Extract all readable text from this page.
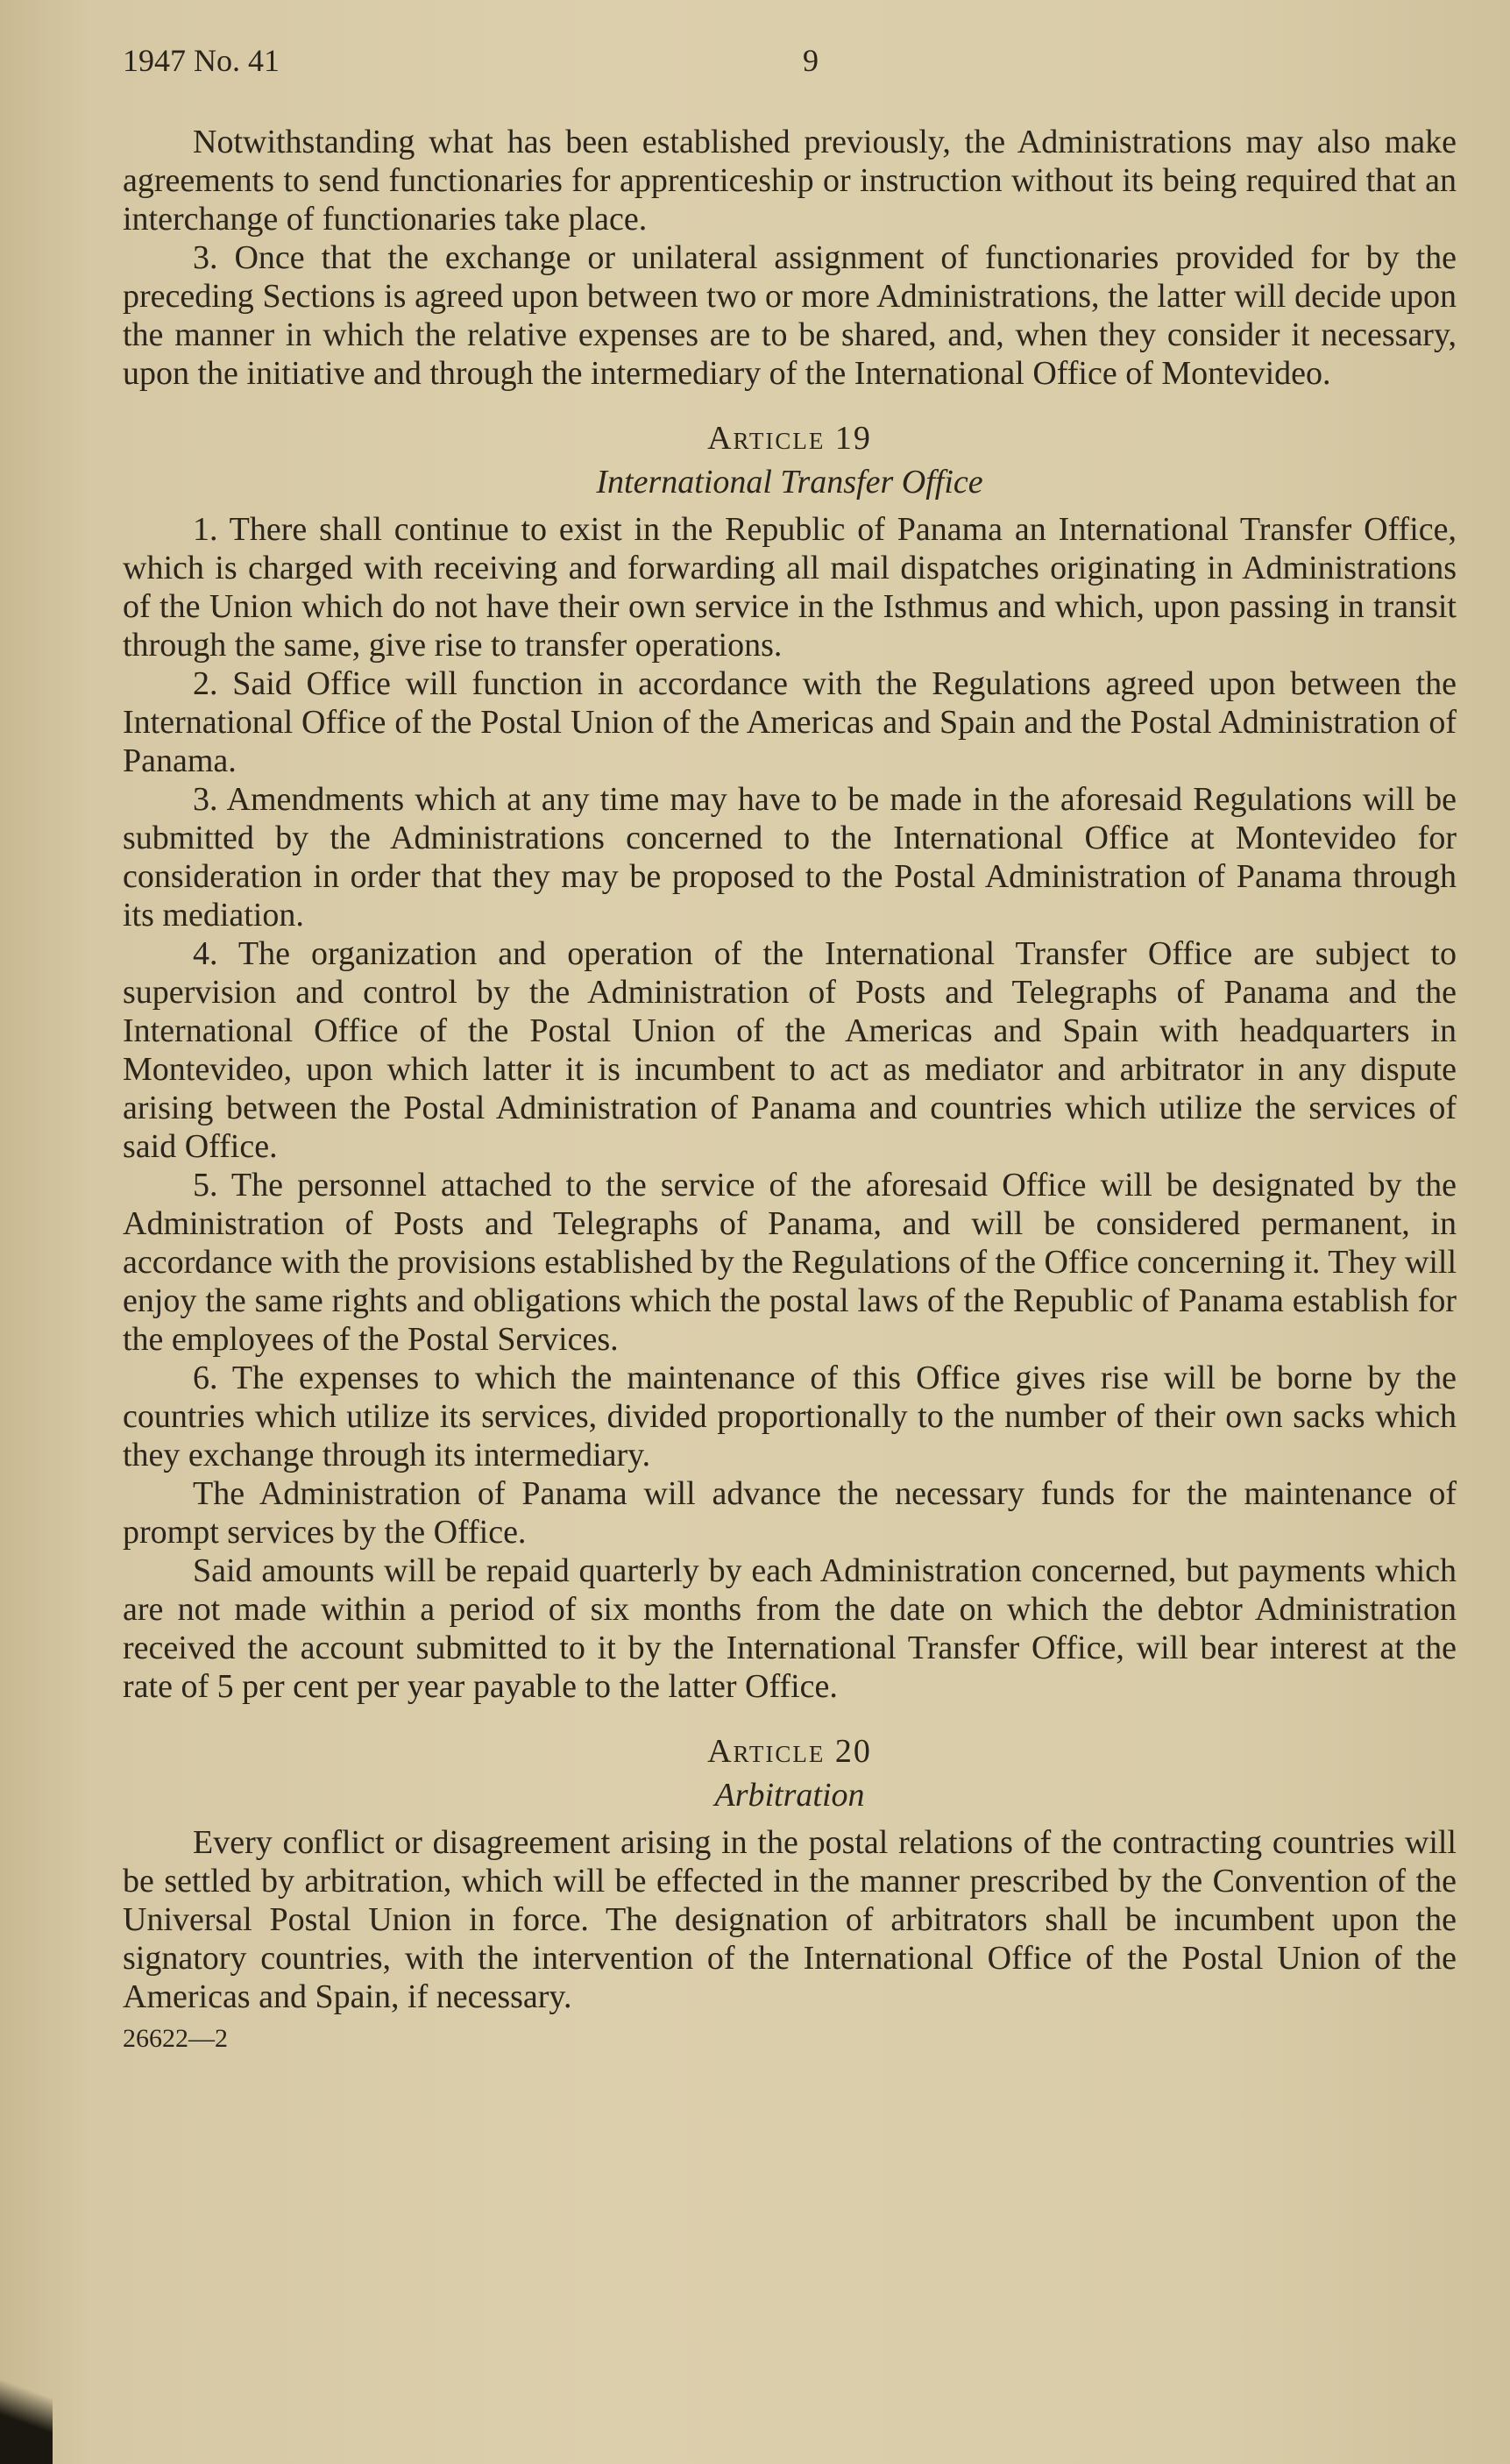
1947 No. 41	9

Notwithstanding what has been established previously, the Administrations may also make agreements to send functionaries for apprenticeship or instruction without its being required that an interchange of functionaries take place.

3. Once that the exchange or unilateral assignment of functionaries provided for by the preceding Sections is agreed upon between two or more Administrations, the latter will decide upon the manner in which the relative expenses are to be shared, and, when they consider it necessary, upon the initiative and through the intermediary of the International Office of Montevideo.

Article 19
International Transfer Office

1. There shall continue to exist in the Republic of Panama an International Transfer Office, which is charged with receiving and forwarding all mail dispatches originating in Administrations of the Union which do not have their own service in the Isthmus and which, upon passing in transit through the same, give rise to transfer operations.

2. Said Office will function in accordance with the Regulations agreed upon between the International Office of the Postal Union of the Americas and Spain and the Postal Administration of Panama.

3. Amendments which at any time may have to be made in the aforesaid Regulations will be submitted by the Administrations concerned to the International Office at Montevideo for consideration in order that they may be proposed to the Postal Administration of Panama through its mediation.

4. The organization and operation of the International Transfer Office are subject to supervision and control by the Administration of Posts and Telegraphs of Panama and the International Office of the Postal Union of the Americas and Spain with headquarters in Montevideo, upon which latter it is incumbent to act as mediator and arbitrator in any dispute arising between the Postal Administration of Panama and countries which utilize the services of said Office.

5. The personnel attached to the service of the aforesaid Office will be designated by the Administration of Posts and Telegraphs of Panama, and will be considered permanent, in accordance with the provisions established by the Regulations of the Office concerning it. They will enjoy the same rights and obligations which the postal laws of the Republic of Panama establish for the employees of the Postal Services.

6. The expenses to which the maintenance of this Office gives rise will be borne by the countries which utilize its services, divided proportionally to the number of their own sacks which they exchange through its intermediary.

The Administration of Panama will advance the necessary funds for the maintenance of prompt services by the Office.

Said amounts will be repaid quarterly by each Administration concerned, but payments which are not made within a period of six months from the date on which the debtor Administration received the account submitted to it by the International Transfer Office, will bear interest at the rate of 5 per cent per year payable to the latter Office.

Article 20
Arbitration

Every conflict or disagreement arising in the postal relations of the contracting countries will be settled by arbitration, which will be effected in the manner prescribed by the Convention of the Universal Postal Union in force. The designation of arbitrators shall be incumbent upon the signatory countries, with the intervention of the International Office of the Postal Union of the Americas and Spain, if necessary.

26622—2
